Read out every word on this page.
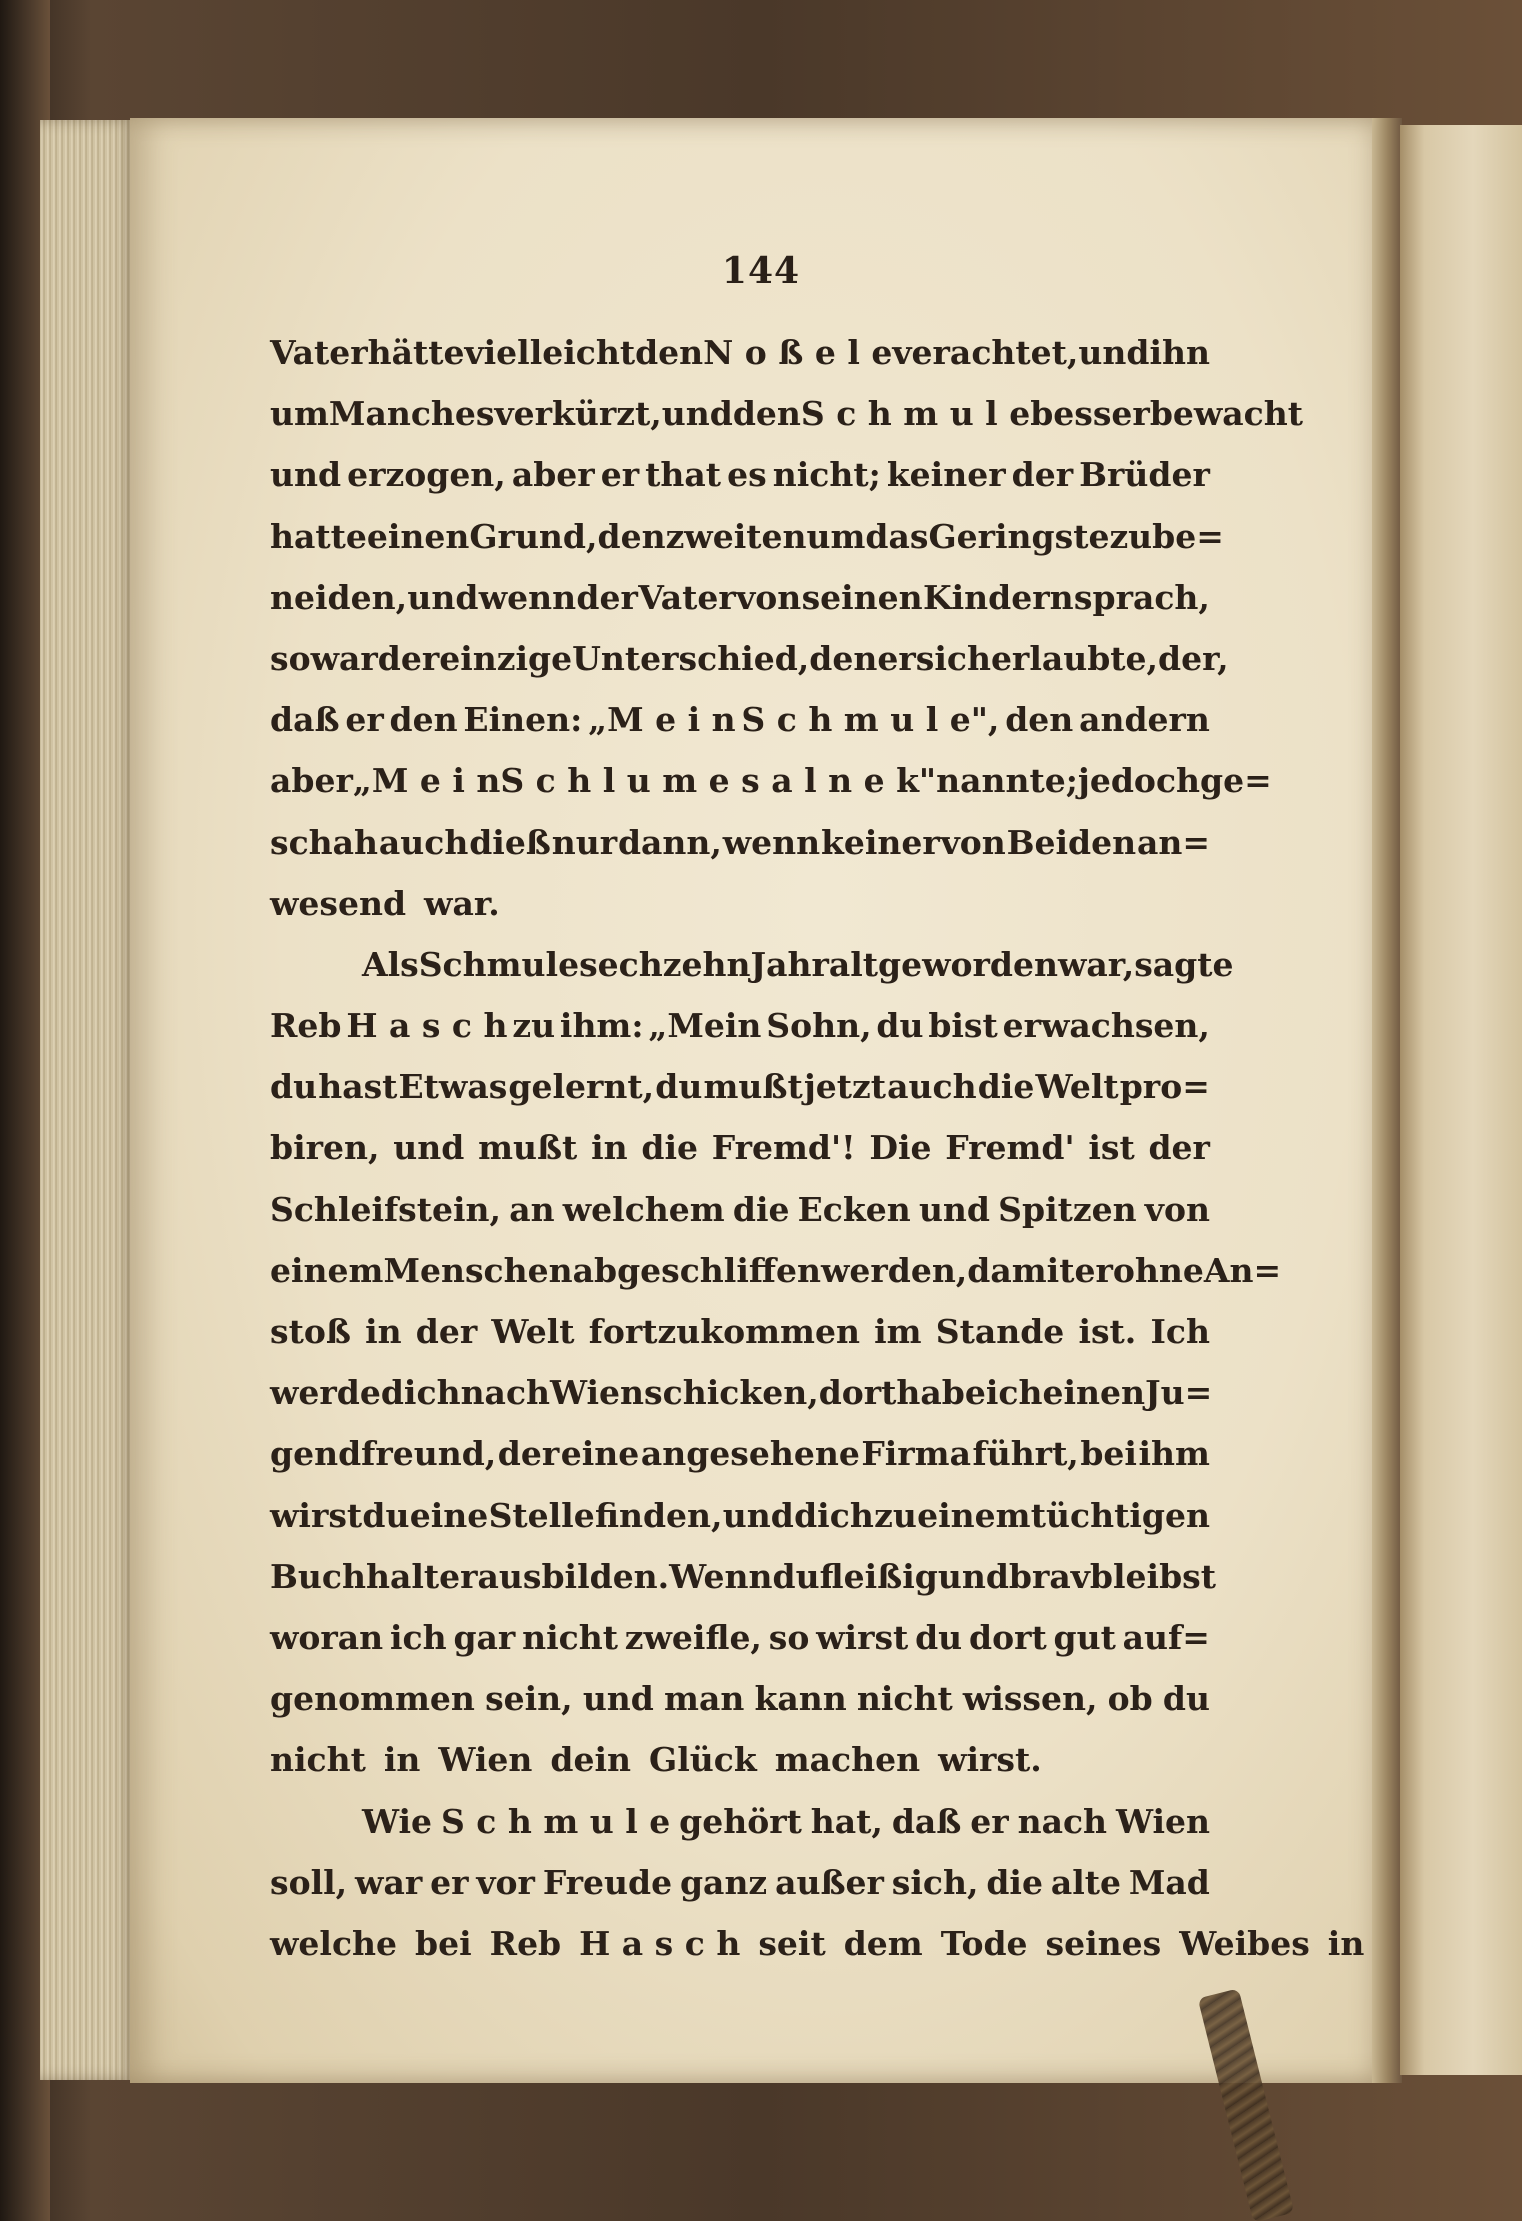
144
Vater hätte vielleicht den N o ß e l e verachtet, und ihn
um Manches verkürzt, und den S c h m u l e besser bewacht
und erzogen, aber er that es nicht; keiner der Brüder
hatte einen Grund, den zweiten um das Geringste zu be=
neiden, und wenn der Vater von seinen Kindern sprach,
so war der einzige Unterschied, den er sich erlaubte, der,
daß er den Einen: „M e i n S c h m u l e", den andern
aber „M e i n S c h l u m e s a l n e k" nannte; jedoch ge=
schah auch dieß nur dann, wenn keiner von Beiden an=
wesend war.
Als Schmule sechzehn Jahr alt geworden war, sagte
Reb H a s c h zu ihm: „Mein Sohn, du bist erwachsen,
du hast Etwas gelernt, du mußt jetzt auch die Welt pro=
biren, und mußt in die Fremd'! Die Fremd' ist der
Schleifstein, an welchem die Ecken und Spitzen von
einem Menschen abgeschliffen werden, damit er ohne An=
stoß in der Welt fortzukommen im Stande ist. Ich
werde dich nach Wien schicken, dort habe ich einen Ju=
gendfreund, der eine angesehene Firma führt, bei ihm
wirst du eine Stelle finden, und dich zu einem tüchtigen
Buchhalter ausbilden. Wenn du fleißig und brav bleibst
woran ich gar nicht zweifle, so wirst du dort gut auf=
genommen sein, und man kann nicht wissen, ob du
nicht in Wien dein Glück machen wirst.
Wie S c h m u l e gehört hat, daß er nach Wien
soll, war er vor Freude ganz außer sich, die alte Mad
welche bei Reb H a s c h seit dem Tode seines Weibes in
